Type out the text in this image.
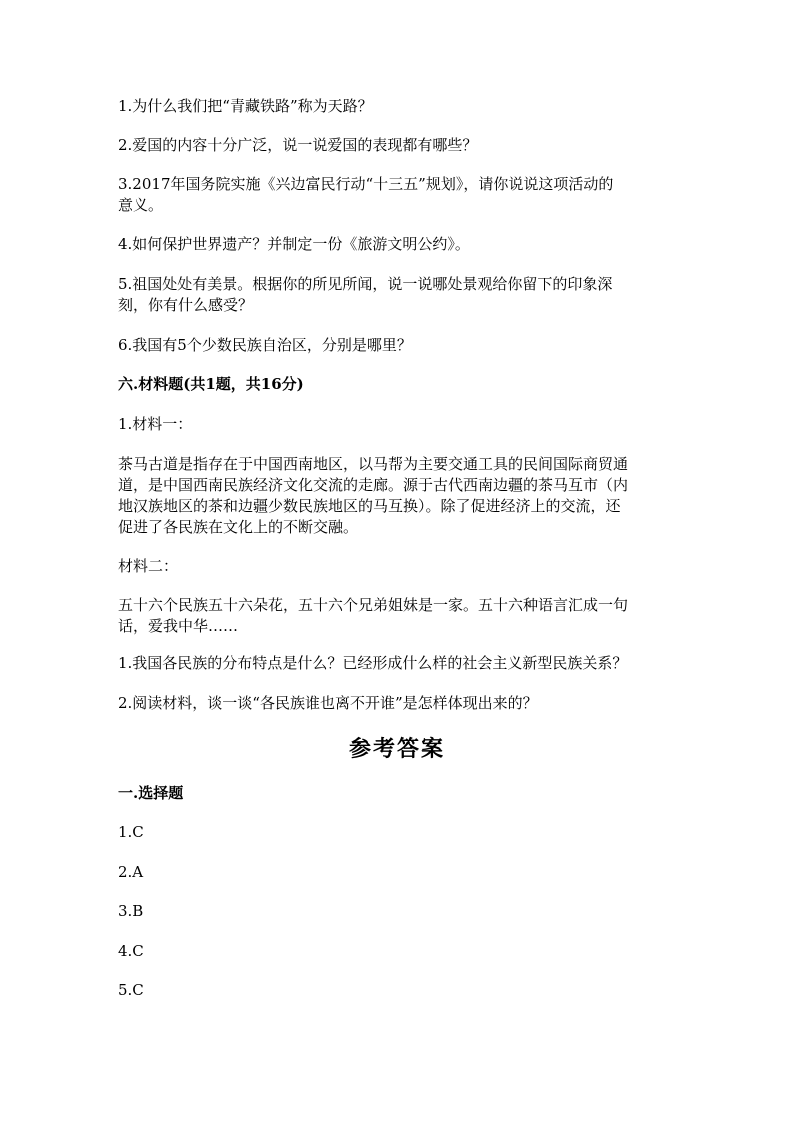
1.为什么我们把“青藏铁路”称为天路？
2.爱国的内容十分广泛，说一说爱国的表现都有哪些？
3.2017年国务院实施《兴边富民行动“十三五”规划》，请你说说这项活动的
意义。
4.如何保护世界遗产？并制定一份《旅游文明公约》。
5.祖国处处有美景。根据你的所见所闻，说一说哪处景观给你留下的印象深
刻，你有什么感受？
6.我国有5个少数民族自治区，分别是哪里？
六.材料题(共1题，共16分)
1.材料一：
茶马古道是指存在于中国西南地区，以马帮为主要交通工具的民间国际商贸通
道，是中国西南民族经济文化交流的走廊。源于古代西南边疆的茶马互市（内
地汉族地区的茶和边疆少数民族地区的马互换）。除了促进经济上的交流，还
促进了各民族在文化上的不断交融。
材料二：
五十六个民族五十六朵花，五十六个兄弟姐妹是一家。五十六种语言汇成一句
话，爱我中华……
1.我国各民族的分布特点是什么？已经形成什么样的社会主义新型民族关系？
2.阅读材料，谈一谈“各民族谁也离不开谁”是怎样体现出来的？
参考答案
一.选择题
1.C
2.A
3.B
4.C
5.C
